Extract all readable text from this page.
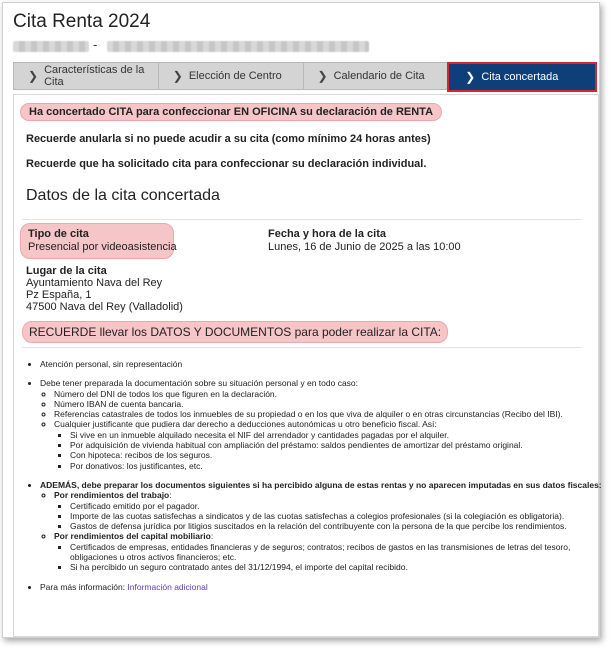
Cita Renta 2024
-
❯ Características de la Cita	❯ Elección de Centro	❯ Calendario de Cita	❯ Cita concertada
Ha concertado CITA para confeccionar EN OFICINA su declaración de RENTA
Recuerde anularla si no puede acudir a su cita (como mínimo 24 horas antes)
Recuerde que ha solicitado cita para confeccionar su declaración individual.
Datos de la cita concertada
Tipo de cita
Presencial por videoasistencia
Fecha y hora de la cita
Lunes, 16 de Junio de 2025 a las 10:00
Lugar de la cita
Ayuntamiento Nava del Rey
Pz España, 1
47500 Nava del Rey (Valladolid)
RECUERDE llevar los DATOS Y DOCUMENTOS para poder realizar la CITA:
• Atención personal, sin representación
• Debe tener preparada la documentación sobre su situación personal y en todo caso:
◦ Número del DNI de todos los que figuren en la declaración.
◦ Número IBAN de cuenta bancaria.
◦ Referencias catastrales de todos los inmuebles de su propiedad o en los que viva de alquiler o en otras circunstancias (Recibo del IBI).
◦ Cualquier justificante que pudiera dar derecho a deducciones autonómicas u otro beneficio fiscal. Así:
▪ Si vive en un inmueble alquilado necesita el NIF del arrendador y cantidades pagadas por el alquiler.
▪ Por adquisición de vivienda habitual con ampliación del préstamo: saldos pendientes de amortizar del préstamo original.
▪ Con hipoteca: recibos de los seguros.
▪ Por donativos: los justificantes, etc.
• ADEMÁS, debe preparar los documentos siguientes si ha percibido alguna de estas rentas y no aparecen imputadas en sus datos fiscales:
◦ Por rendimientos del trabajo:
▪ Certificado emitido por el pagador.
▪ Importe de las cuotas satisfechas a sindicatos y de las cuotas satisfechas a colegios profesionales (si la colegiación es obligatoria).
▪ Gastos de defensa jurídica por litigios suscitados en la relación del contribuyente con la persona de la que percibe los rendimientos.
◦ Por rendimientos del capital mobiliario:
▪ Certificados de empresas, entidades financieras y de seguros; contratos; recibos de gastos en las transmisiones de letras del tesoro, obligaciones u otros activos financieros; etc.
▪ Si ha percibido un seguro contratado antes del 31/12/1994, el importe del capital recibido.
• Para más información: Información adicional
